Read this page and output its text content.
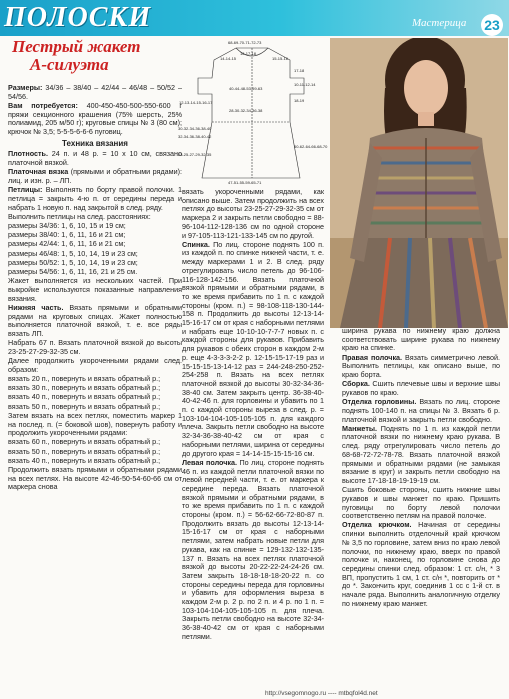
ПОЛОСКИ	Мастерица 23
Пестрый жакет
А-силуэта
68-69-70-71-72-73
16-17-18
14-14-15	15-15-16
12-13-14-15-16-17
17-18
18-19
40-44-48-53-59-63
28-30-32-34-36-38
23-25-27-29-32-35
47-51-55-59-65-71
60-62-64-66-68-70
30-32-34-36-38-40
32-34-36-38-40-42
10-11-12-14

Размеры: 34/36 – 38/40 – 42/44 – 46/48 – 50/52 – 54/56.

Вам потребуется: 400-450-450-500-550-600 г пряжи секционного крашения (75% шерсть, 25% полиамид, 205 м/50 г); круговые спицы № 3 (80 см); крючок № 3,5; 5-5-5-6-6-6 пуговиц.

Техника вязания

Плотность. 24 п. и 48 р. = 10 х 10 см, связано платочной вязкой.

Платочная вязка (прямыми и обратными рядами): лиц. и изн. р. – ЛП.

Петлицы: Выполнять по борту правой полочки. 1 петлица = закрыть 4-ю п. от середины переда и набрать 1 новую п. над закрытой в след. ряду.

Выполнить петлицы на след. расстояниях:

размеры 34/36: 1, 6, 10, 15 и 19 см;

размеры 38/40: 1, 6, 11, 16 и 21 см;

размеры 42/44: 1, 6, 11, 16 и 21 см;

размеры 46/48: 1, 5, 10, 14, 19 и 23 см;

размеры 50/52: 1, 5, 10, 14, 19 и 23 см;

размеры 54/56: 1, 6, 11, 16, 21 и 25 см.

Жакет выполняется из нескольких частей. При выкройке используются показанные направления вязания.

Нижняя часть. Вязать прямыми и обратными рядами на круговых спицах. Жакет полностью выполняется платочной вязкой, т. е. все ряды вязать ЛП.

Набрать 67 п. Вязать платочной вязкой до высоты 23-25-27-29-32-35 см.

Далее продолжить укороченными рядами след. образом:

вязать 20 п., повернуть и вязать обратный р.;

вязать 30 п., повернуть и вязать обратный р.;

вязать 40 п., повернуть и вязать обратный р.;

вязать 50 п., повернуть и вязать обратный р.;

Затем вязать на всех петлях, поместить маркер 1 на послед. п. (= боковой шов), повернуть работу и продолжить укороченными рядами:

вязать 60 п., повернуть и вязать обратный р.;

вязать 50 п., повернуть и вязать обратный р.;

вязать 40 п., повернуть и вязать обратный р.;

Продолжить вязать прямыми и обратными рядами на всех петлях. На высоте 42-46-50-54-60-66 см от маркера снова

вязать укороченными рядами, как описано выше. Затем продолжить на всех петлях до высоты 23-25-27-29-32-35 см от маркера 2 и закрыть петли свободно = 88-96-104-112-128-136 см по одной стороне и 97-105-113-121-133-145 см по другой.

Спинка. По лиц. стороне поднять 100 п. из каждой п. по спинке нижней части, т. е. между маркерами 1 и 2. В след. ряду отрегулировать число петель до 96-106-116-128-142-156. Вязать платочной вязкой прямыми и обратными рядами, в то же время прибавить по 1 п. с каждой стороны (кром. п.) = 98-108-118-130-144-158 п. Продолжить до высоты 12-13-14-15-16-17 см от края с наборными петлями и набрать еще 10-10-10-7-7-7 новых п. с каждой стороны для рукавов. Прибавить для рукавов с обеих сторон в каждом 2-м р. еще 4-3-3-3-2-2 р. 12-15-15-17-19 раз и 15-15-15-13-14-12 раз = 244-248-250-252-254-258 п. Вязать на всех петлях платочной вязкой до высоты 30-32-34-36-38-40 см. Затем закрыть центр. 36-38-40-40-42-46 п. для горловины и убавить по 1 п. с каждой стороны выреза в след. р. = 103-104-104-105-105-105 п. для каждого плеча. Закрыть петли свободно на высоте 32-34-36-38-40-42 см от края с наборными петлями, ширина от середины до другого края = 14-14-15-15-15-16 см.

Левая полочка. По лиц. стороне поднять 46 п. из каждой петли платочной вязки по левой передней части, т. е. от маркера к середине переда. Вязать платочной вязкой прямыми и обратными рядами, в то же время прибавить по 1 п. с каждой стороны (кром. п.) = 56-62-66-72-80-87 п. Продолжить вязать до высоты 12-13-14-15-16-17 см от края с наборными петлями, затем набрать новые петли для рукава, как на спинке = 129-132-132-135-137 п. Вязать на всех петлях платочной вязкой до высоты 20-22-22-24-24-26 см. Затем закрыть 18-18-18-18-20-22 п. со стороны середины переда для горловины и убавить для оформления выреза в каждом 2-м р. 2 р. по 2 п. и 4 р. по 1 п. = 103-104-104-105-105-105 п. для плеча. Закрыть петли свободно на высоте 32-34-36-38-40-42 см от края с наборными петлями.

ширина рукава по нижнему краю должна соответствовать ширине рукава по нижнему краю на спинке.

Правая полочка. Вязать симметрично левой. Выполнить петлицы, как описано выше, по краю борта.

Сборка. Сшить плечевые швы и верхние швы рукавов по краю.

Отделка горловины. Вязать по лиц. стороне поднять 100-140 п. на спицы № 3. Вязать 6 р. платочной вязкой и закрыть петли свободно.

Манжеты. Поднять по 1 п. из каждой петли платочной вязки по нижнему краю рукава. В след. ряду отрегулировать число петель до 68-68-72-72-78-78. Вязать платочной вязкой прямыми и обратными рядами (не замыкая вязание в круг) и закрыть петли свободно на высоте 17-18-18-19-19-19 см.

Сшить боковые стороны, сшить нижние швы рукавов и швы манжет по краю. Пришить пуговицы по борту левой полочки соответственно петлям на правой полочке.

Отделка крючком. Начиная от середины спинки выполнить отделочный край крючком № 3,5 по горловине, затем вниз по краю левой полочки, по нижнему краю, вверх по правой полочке и, наконец, по горловине снова до середины спинки след. образом: 1 ст. с/н, * 3 ВП, пропустить 1 см, 1 ст. с/н *, повторить от * до *. Закончить круг, соединив 1 сс с 1-й ст. в начале ряда. Выполнить аналогичную отделку по нижнему краю манжет.

http://vsegomnogo.ru ---- mtbqfol4d.net
